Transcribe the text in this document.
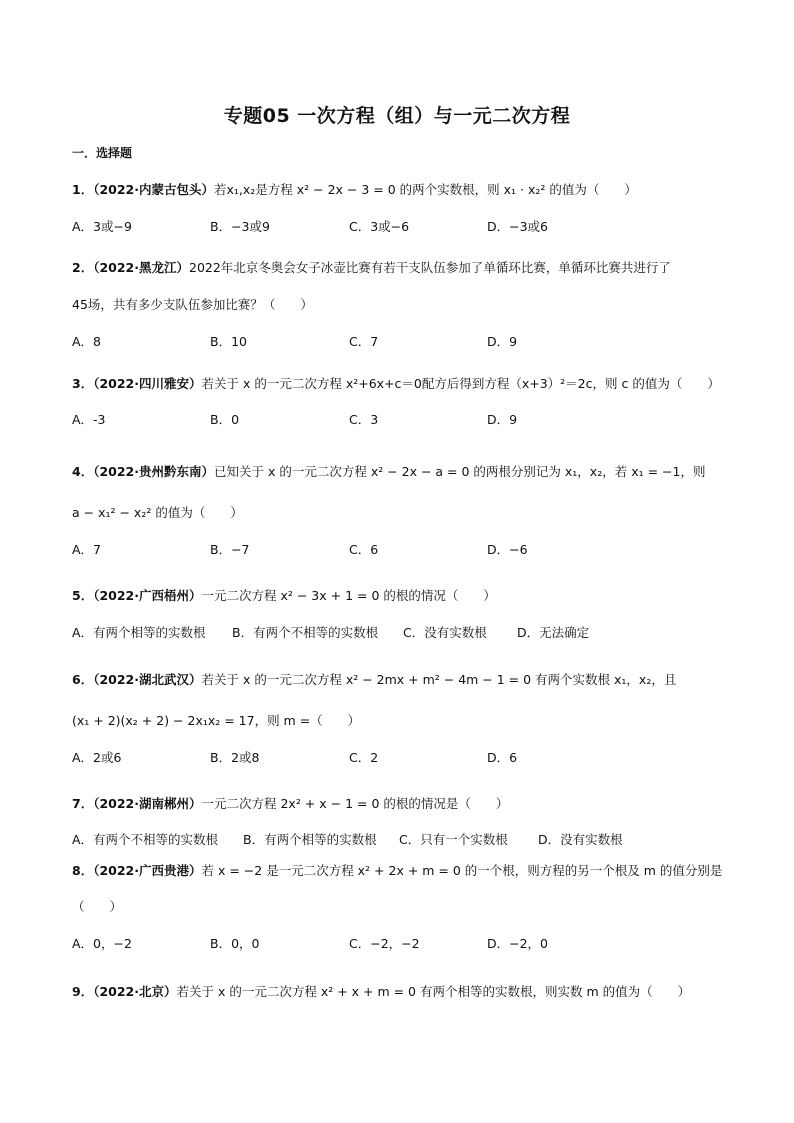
专题05 一次方程（组）与一元二次方程
一．选择题
1．（2022·内蒙古包头）若x₁,x₂是方程 x² − 2x − 3 = 0 的两个实数根，则 x₁ · x₂² 的值为（　　）
A．3或−9	B．−3或9	C．3或−6	D．−3或6
2．（2022·黑龙江）2022年北京冬奥会女子冰壶比赛有若干支队伍参加了单循环比赛，单循环比赛共进行了
45场，共有多少支队伍参加比赛？（　　）
A．8	B．10	C．7	D．9
3．（2022·四川雅安）若关于 x 的一元二次方程 x²+6x+c＝0配方后得到方程（x+3）²＝2c，则 c 的值为（　　）
A．-3	B．0	C．3	D．9
4．（2022·贵州黔东南）已知关于 x 的一元二次方程 x² − 2x − a = 0 的两根分别记为 x₁，x₂，若 x₁ = −1，则
a − x₁² − x₂² 的值为（　　）
A．7	B．−7	C．6	D．−6
5．（2022·广西梧州）一元二次方程 x² − 3x + 1 = 0 的根的情况（　　）
A．有两个相等的实数根 B．有两个不相等的实数根 C．没有实数根 D．无法确定
6．（2022·湖北武汉）若关于 x 的一元二次方程 x² − 2mx + m² − 4m − 1 = 0 有两个实数根 x₁，x₂，且
(x₁ + 2)(x₂ + 2) − 2x₁x₂ = 17，则 m =（　　）
A．2或6	B．2或8	C．2	D．6
7．（2022·湖南郴州）一元二次方程 2x² + x − 1 = 0 的根的情况是（　　）
A．有两个不相等的实数根 B．有两个相等的实数根 C．只有一个实数根 D．没有实数根
8．（2022·广西贵港）若 x = −2 是一元二次方程 x² + 2x + m = 0 的一个根，则方程的另一个根及 m 的值分别是
（　　）
A．0，−2	B．0，0	C．−2，−2	D．−2，0
9．（2022·北京）若关于 x 的一元二次方程 x² + x + m = 0 有两个相等的实数根，则实数 m 的值为（　　）
